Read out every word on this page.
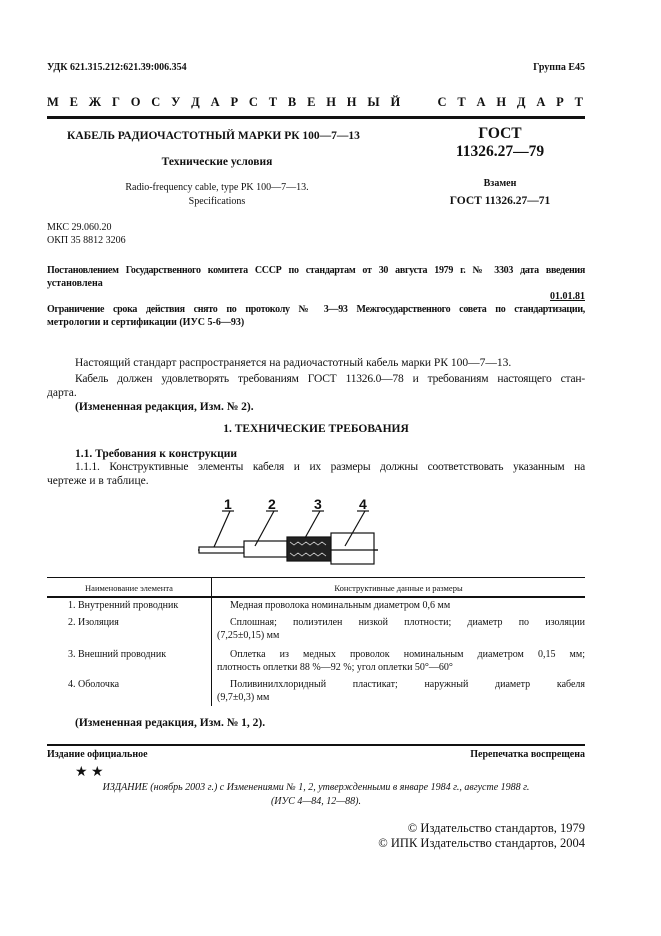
УДК 621.315.212:621.39:006.354	Группа Е45
М Е Ж Г О С У Д А Р С Т В Е Н Н Ы Й    С Т А Н Д А Р Т
КАБЕЛЬ РАДИОЧАСТОТНЫЙ МАРКИ РК 100—7—13
Технические условия
Radio-frequency cable, type PK 100—7—13.
Specifications
ГОСТ
11326.27—79
Взамен
ГОСТ 11326.27—71
МКС 29.060.20
ОКП 35 8812 3206
Постановлением Государственного комитета СССР по стандартам от 30 августа 1979 г. № 3303 дата введения
установлена
01.01.81
Ограничение срока действия снято по протоколу № 3—93 Межгосударственного совета по стандартизации,
метрологии и сертификации (ИУС 5-6—93)
Настоящий стандарт распространяется на радиочастотный кабель марки РК 100—7—13.
Кабель должен удовлетворять требованиям ГОСТ 11326.0—78 и требованиям настоящего стан-
дарта.
(Измененная редакция, Изм. № 2).
1. ТЕХНИЧЕСКИЕ ТРЕБОВАНИЯ
1.1. Требования к конструкции
1.1.1. Конструктивные элементы кабеля и их размеры должны соответствовать указанным на
чертеже и в таблице.
1	2	3	4
Наименование элемента	Конструктивные данные и размеры
1. Внутренний проводник	Медная проволока номинальным диаметром 0,6 мм
2. Изоляция	Сплошная; полиэтилен низкой плотности; диаметр по изоляции
(7,25±0,15) мм
3. Внешний проводник	Оплетка из медных проволок номинальным диаметром 0,15 мм;
плотность оплетки 88 %—92 %; угол оплетки 50°—60°
4. Оболочка	Поливинилхлоридный пластикат; наружный диаметр кабеля
(9,7±0,3) мм
(Измененная редакция, Изм. № 1, 2).
Издание официальное	Перепечатка воспрещена
★ ★
ИЗДАНИЕ (ноябрь 2003 г.) с Изменениями № 1, 2, утвержденными в январе 1984 г., августе 1988 г.
(ИУС 4—84, 12—88).
© Издательство стандартов, 1979
© ИПК Издательство стандартов, 2004
